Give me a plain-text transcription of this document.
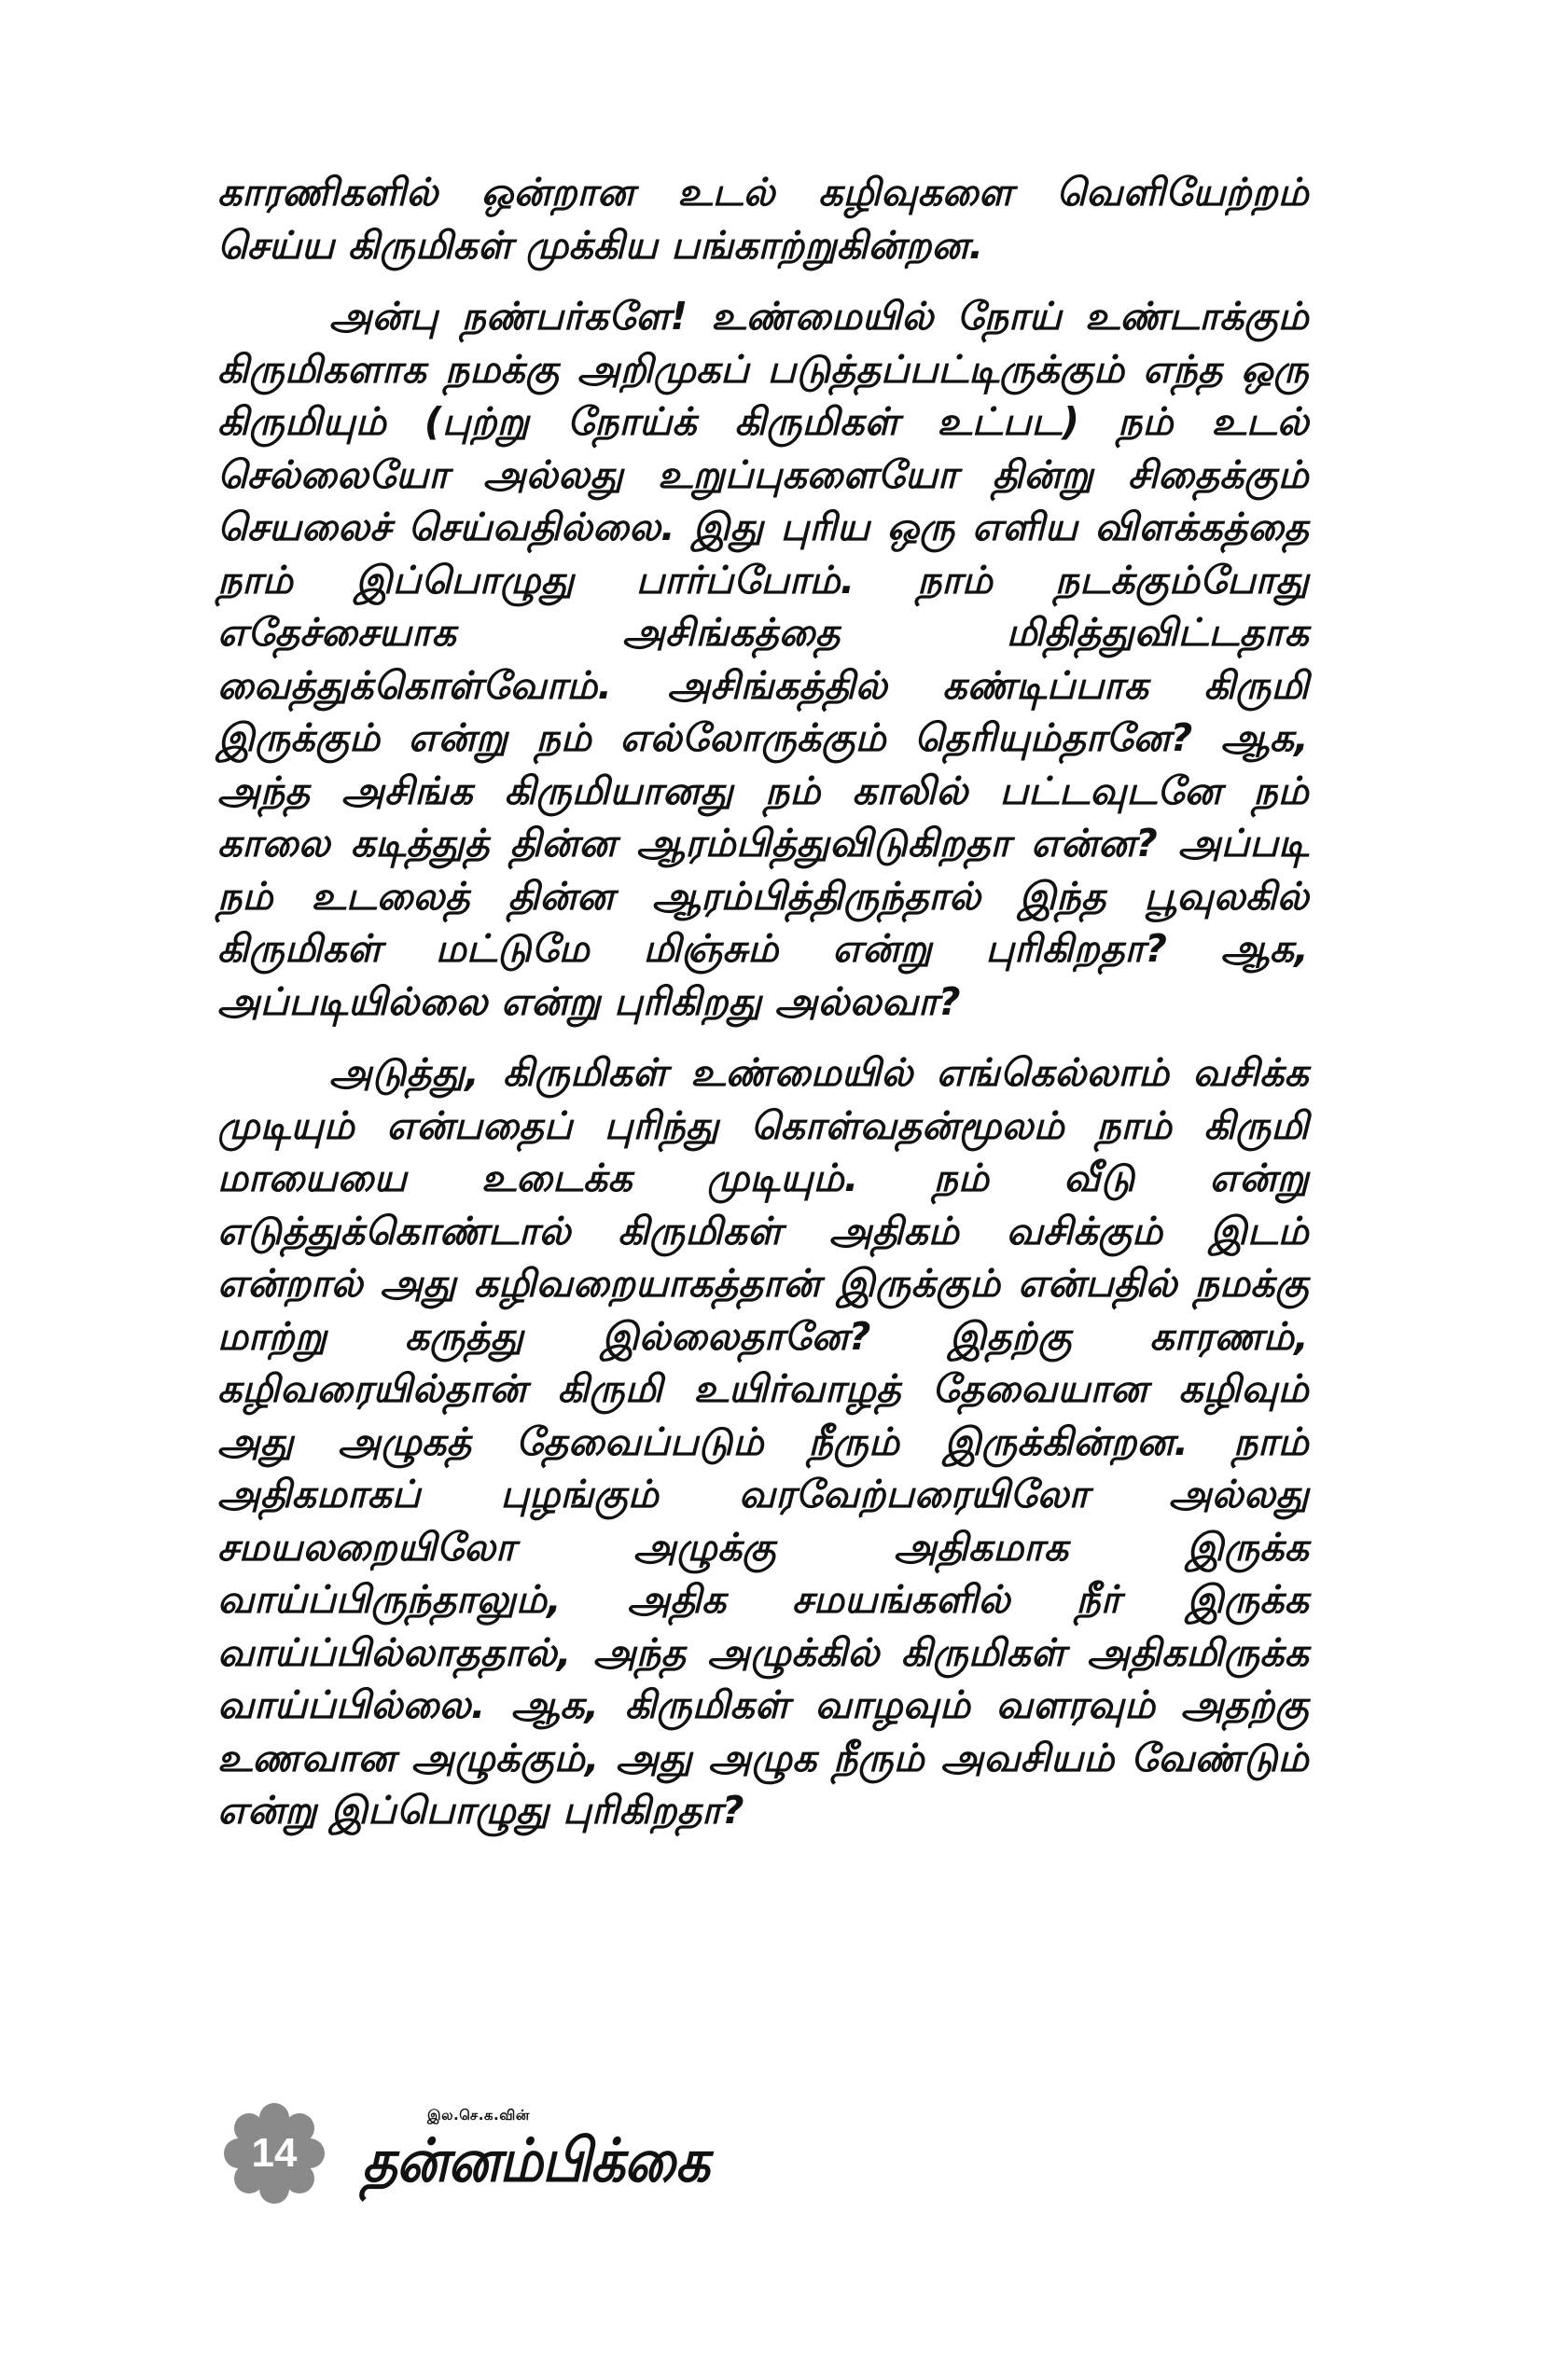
காரணிகளில் ஒன்றான உடல் கழிவுகளை வெளியேற்றம் செய்ய கிருமிகள் முக்கிய பங்காற்றுகின்றன.

அன்பு நண்பர்களே! உண்மையில் நோய் உண்டாக்கும் கிருமிகளாக நமக்கு அறிமுகப் படுத்தப்பட்டிருக்கும் எந்த ஒரு கிருமியும் (புற்று நோய்க் கிருமிகள் உட்பட) நம் உடல் செல்லையோ அல்லது உறுப்புகளையோ தின்று சிதைக்கும் செயலைச் செய்வதில்லை. இது புரிய ஒரு எளிய விளக்கத்தை நாம் இப்பொழுது பார்ப்போம். நாம் நடக்கும்போது எதேச்சையாக அசிங்கத்தை மிதித்துவிட்டதாக வைத்துக்கொள்வோம். அசிங்கத்தில் கண்டிப்பாக கிருமி இருக்கும் என்று நம் எல்லோருக்கும் தெரியும்தானே? ஆக, அந்த அசிங்க கிருமியானது நம் காலில் பட்டவுடனே நம் காலை கடித்துத் தின்ன ஆரம்பித்துவிடுகிறதா என்ன? அப்படி நம் உடலைத் தின்ன ஆரம்பித்திருந்தால் இந்த பூவுலகில் கிருமிகள் மட்டுமே மிஞ்சும் என்று புரிகிறதா? ஆக, அப்படியில்லை என்று புரிகிறது அல்லவா?

அடுத்து, கிருமிகள் உண்மையில் எங்கெல்லாம் வசிக்க முடியும் என்பதைப் புரிந்து கொள்வதன்மூலம் நாம் கிருமி மாயையை உடைக்க முடியும். நம் வீடு என்று எடுத்துக்கொண்டால் கிருமிகள் அதிகம் வசிக்கும் இடம் என்றால் அது கழிவறையாகத்தான் இருக்கும் என்பதில் நமக்கு மாற்று கருத்து இல்லைதானே? இதற்கு காரணம், கழிவரையில்தான் கிருமி உயிர்வாழத் தேவையான கழிவும் அது அழுகத் தேவைப்படும் நீரும் இருக்கின்றன. நாம் அதிகமாகப் புழங்கும் வரவேற்பரையிலோ அல்லது சமயலறையிலோ அழுக்கு அதிகமாக இருக்க வாய்ப்பிருந்தாலும், அதிக சமயங்களில் நீர் இருக்க வாய்ப்பில்லாததால், அந்த அழுக்கில் கிருமிகள் அதிகமிருக்க வாய்ப்பில்லை. ஆக, கிருமிகள் வாழவும் வளரவும் அதற்கு உணவான அழுக்கும், அது அழுக நீரும் அவசியம் வேண்டும் என்று இப்பொழுது புரிகிறதா?

14
இல.செ.க.வின்
தன்னம்பிக்கை
